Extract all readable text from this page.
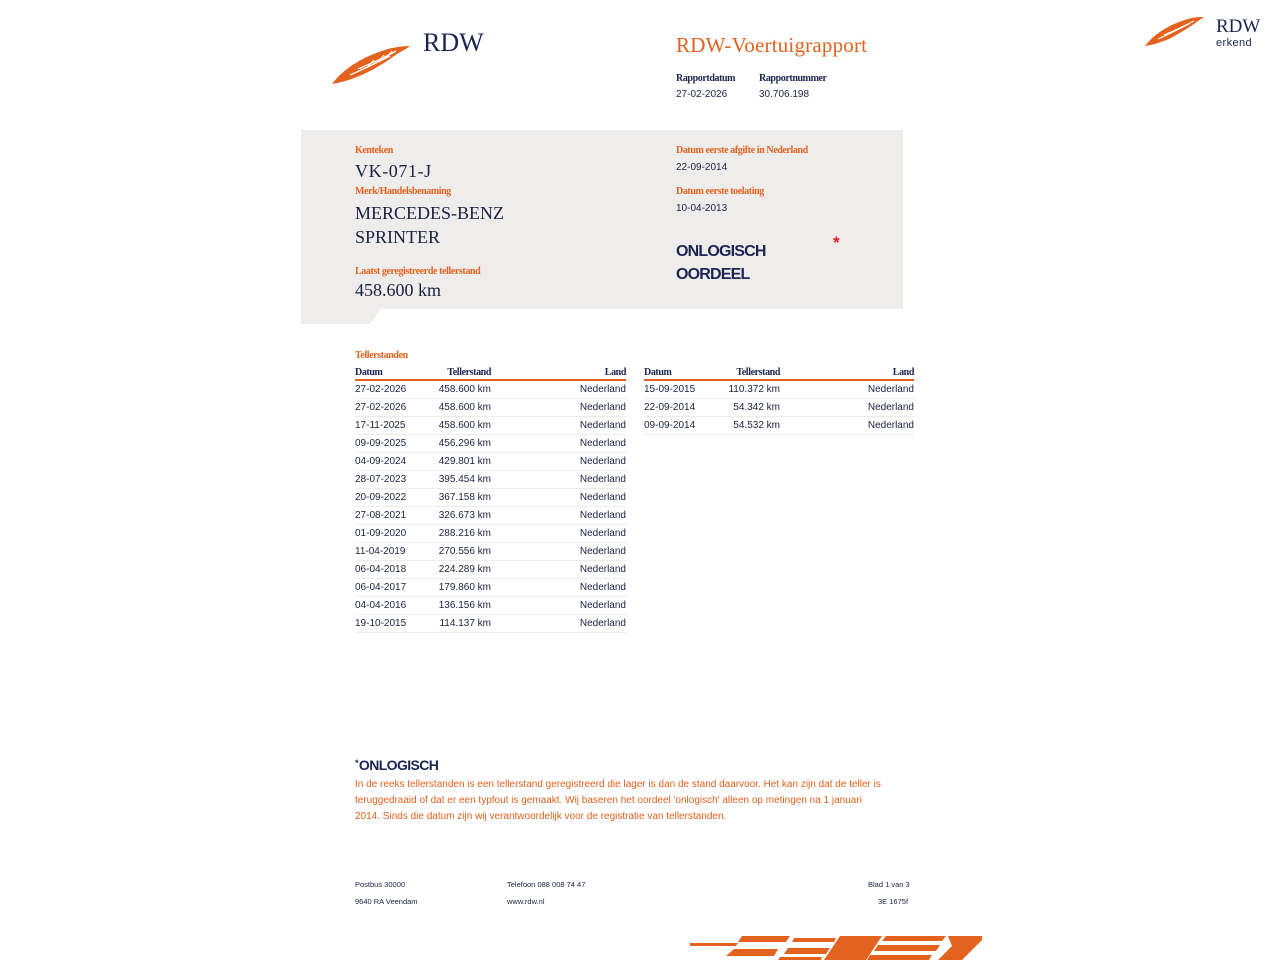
RDW	RDW-Voertuigrapport
Rapportdatum
27-02-2026
Rapportnummer
30.706.198
RDW
erkend
Kenteken
VK-071-J
Merk/Handelsbenaming
MERCEDES-BENZ
SPRINTER
Laatst geregistreerde tellerstand
458.600 km
Datum eerste afgifte in Nederland
22-09-2014
Datum eerste toelating
10-04-2013
ONLOGISCH
OORDEEL
*
Tellerstanden
Datum	Tellerstand	Land
27-02-2026	458.600 km	Nederland
27-02-2026	458.600 km	Nederland
17-11-2025	458.600 km	Nederland
09-09-2025	456.296 km	Nederland
04-09-2024	429.801 km	Nederland
28-07-2023	395.454 km	Nederland
20-09-2022	367.158 km	Nederland
27-08-2021	326.673 km	Nederland
01-09-2020	288.216 km	Nederland
11-04-2019	270.556 km	Nederland
06-04-2018	224.289 km	Nederland
06-04-2017	179.860 km	Nederland
04-04-2016	136.156 km	Nederland
19-10-2015	114.137 km	Nederland
Datum	Tellerstand	Land
15-09-2015	110.372 km	Nederland
22-09-2014	54.342 km	Nederland
09-09-2014	54.532 km	Nederland
*ONLOGISCH
In de reeks tellerstanden is een tellerstand geregistreerd die lager is dan de stand daarvoor. Het kan zijn dat de teller is teruggedraaid of dat er een typfout is gemaakt. Wij baseren het oordeel 'onlogisch' alleen op metingen na 1 januari 2014. Sinds die datum zijn wij verantwoordelijk voor de registratie van tellerstanden.
Postbus 30000
9640 RA Veendam
Telefoon 088 008 74 47
www.rdw.nl
Blad 1 van 3
3E 1675f
